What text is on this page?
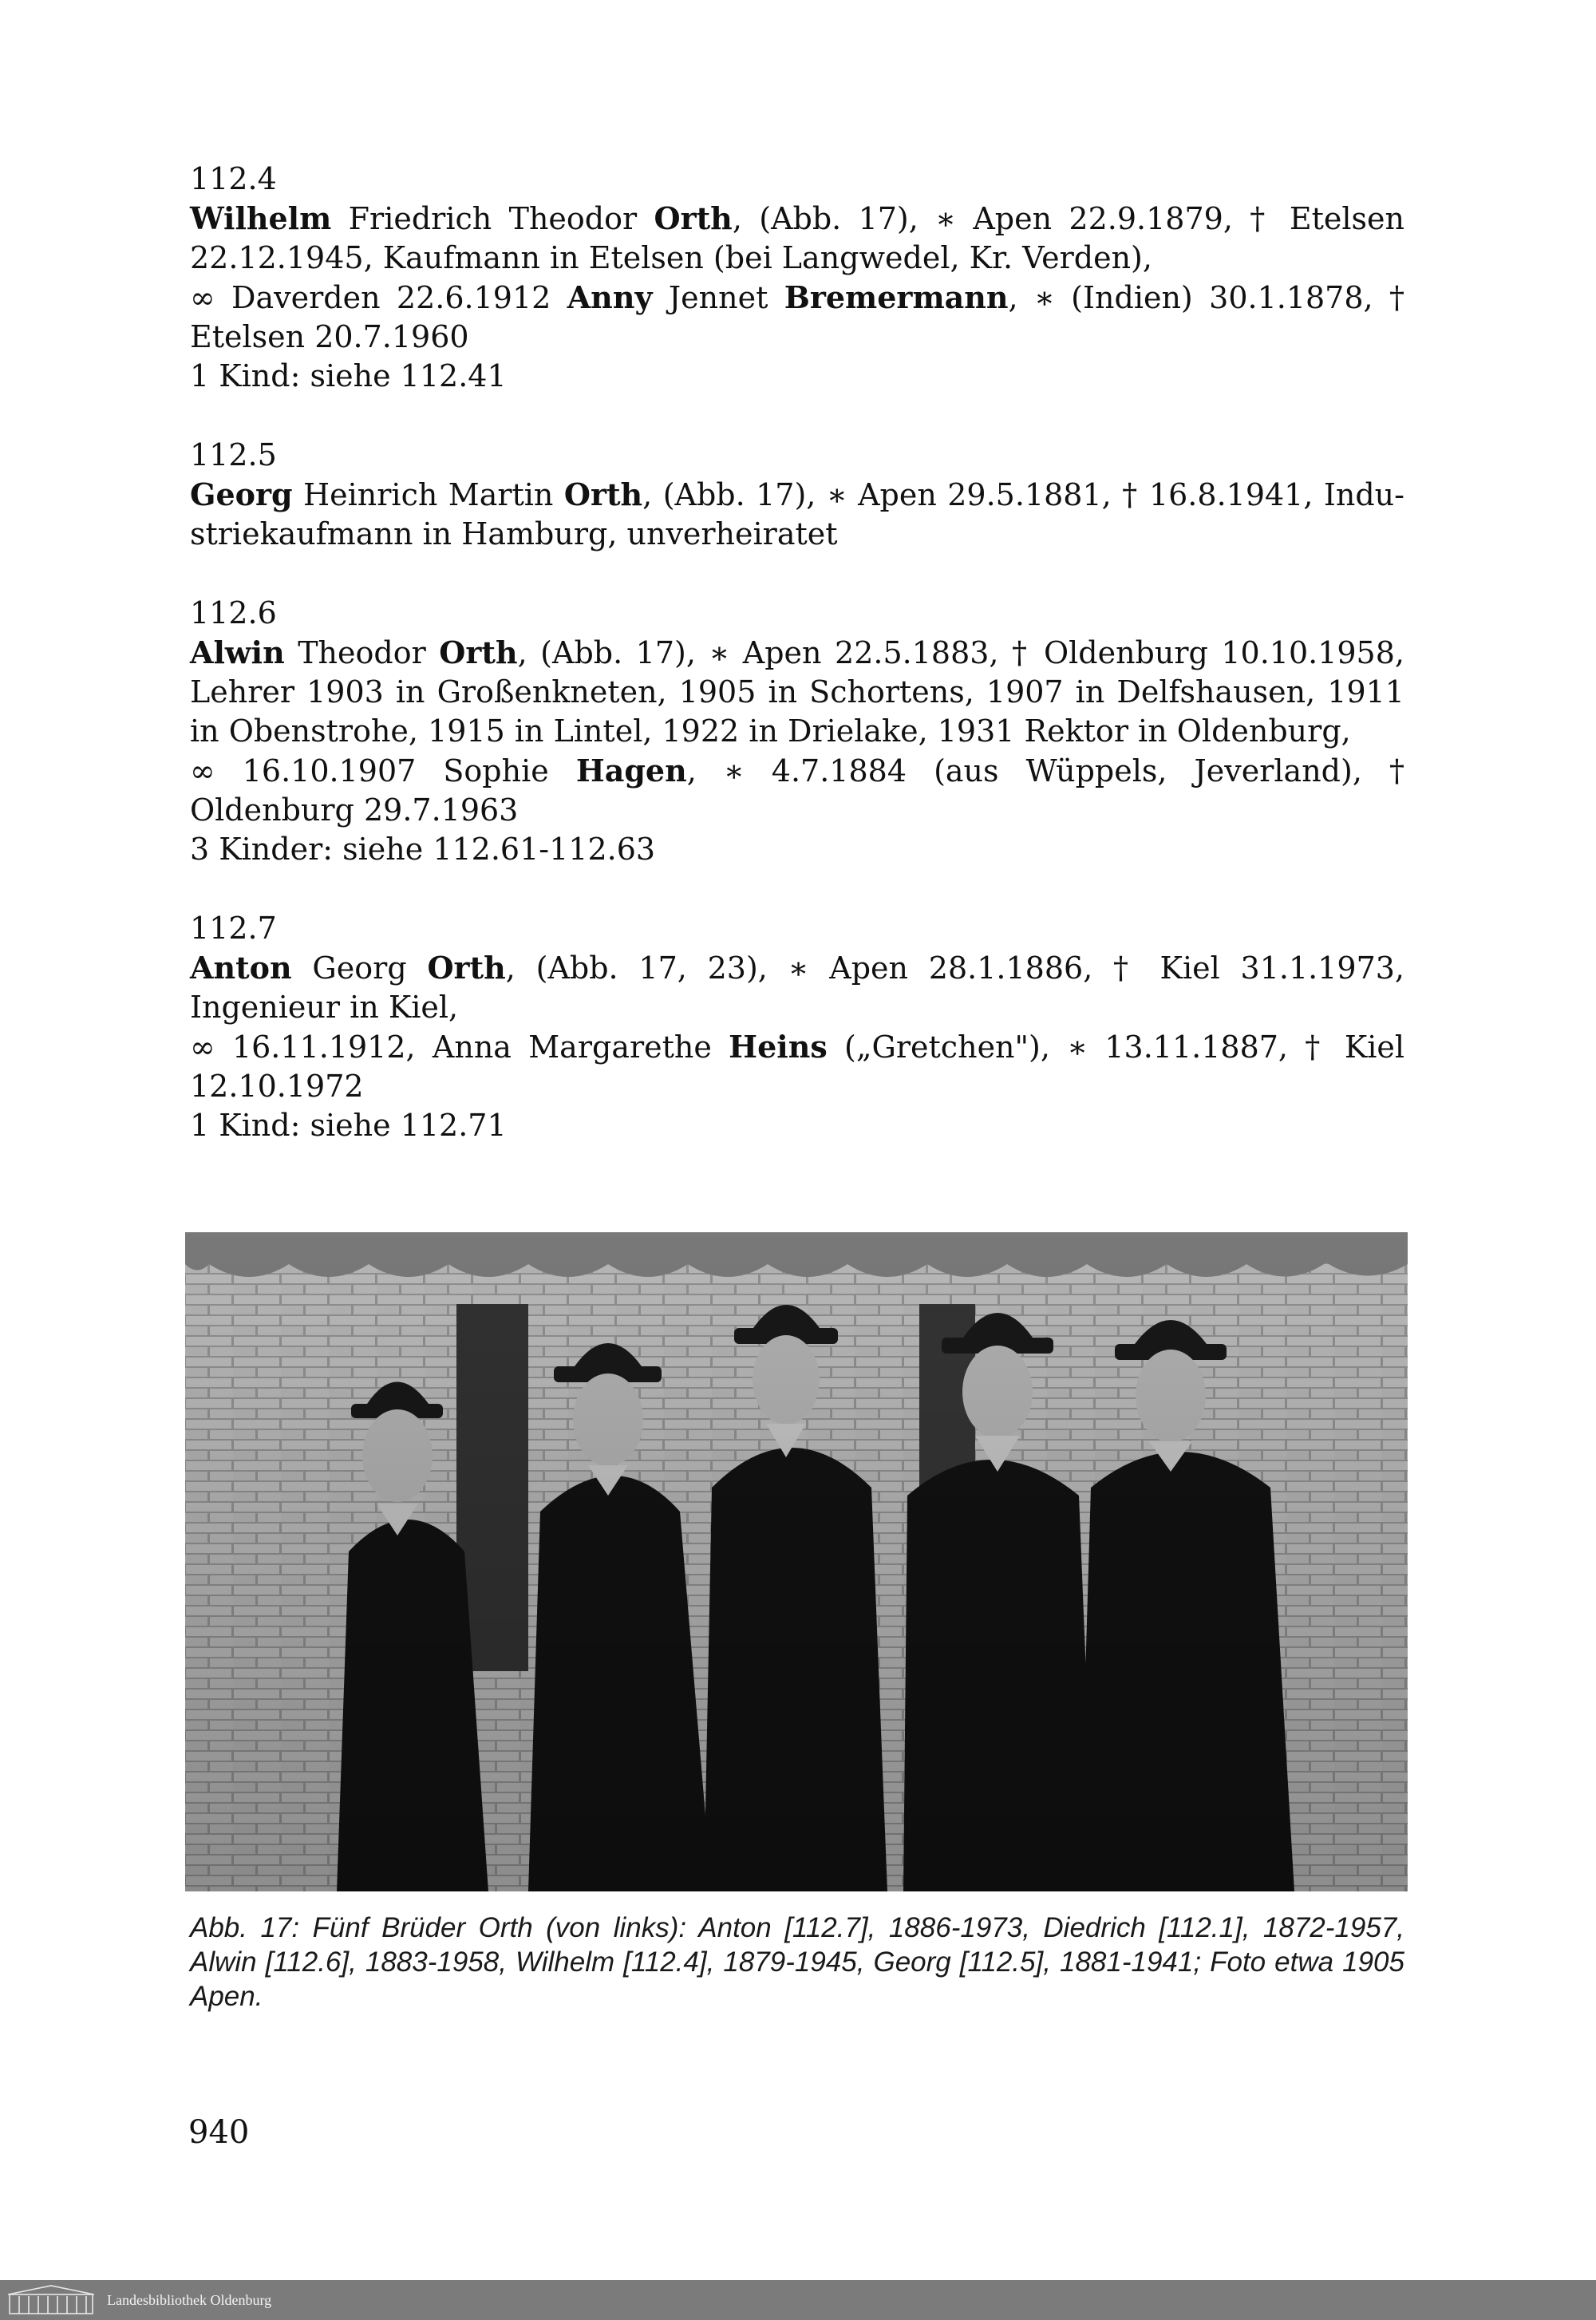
112.4

Wilhelm Friedrich Theodor Orth, (Abb. 17), ∗ Apen 22.9.1879, † Etelsen 22.12.1945, Kaufmann in Etelsen (bei Langwedel, Kr. Verden),

∞ Daverden 22.6.1912 Anny Jennet Bremermann, ∗ (Indien) 30.1.1878, † Etelsen 20.7.1960

1 Kind: siehe 112.41

112.5

Georg Heinrich Martin Orth, (Abb. 17), ∗ Apen 29.5.1881, † 16.8.1941, Industriekaufmann in Hamburg, unverheiratet

112.6

Alwin Theodor Orth, (Abb. 17), ∗ Apen 22.5.1883, † Oldenburg 10.10.1958, Lehrer 1903 in Großenkneten, 1905 in Schortens, 1907 in Delfshausen, 1911 in Obenstrohe, 1915 in Lintel, 1922 in Drielake, 1931 Rektor in Oldenburg,

∞ 16.10.1907 Sophie Hagen, ∗ 4.7.1884 (aus Wüppels, Jeverland), † Oldenburg 29.7.1963

3 Kinder: siehe 112.61-112.63

112.7

Anton Georg Orth, (Abb. 17, 23), ∗ Apen 28.1.1886, † Kiel 31.1.1973, Ingenieur in Kiel,

∞ 16.11.1912, Anna Margarethe Heins („Gretchen"), ∗ 13.11.1887, † Kiel 12.10.1972

1 Kind: siehe 112.71

Abb. 17: Fünf Brüder Orth (von links): Anton [112.7], 1886-1973, Diedrich [112.1], 1872-1957, Alwin [112.6], 1883-1958, Wilhelm [112.4], 1879-1945, Georg [112.5], 1881-1941; Foto etwa 1905 Apen.
940
Landesbibliothek Oldenburg
